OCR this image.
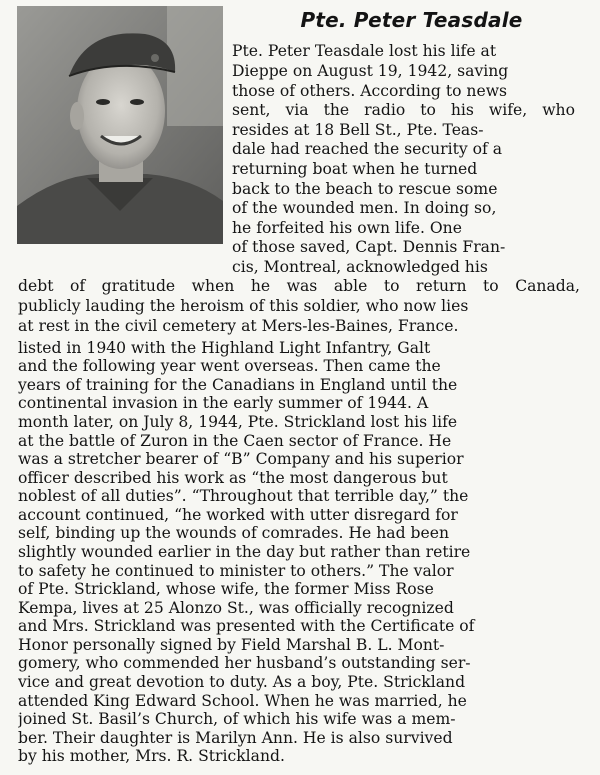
Pte. Peter Teasdale

Pte. Peter Teasdale lost his life at

Dieppe on August 19, 1942, saving

those of others. According to news

sent, via the radio to his wife, who

resides at 18 Bell St., Pte. Teas-

dale had reached the security of a

returning boat when he turned

back to the beach to rescue some

of the wounded men. In doing so,

he forfeited his own life. One

of those saved, Capt. Dennis Fran-

cis, Montreal, acknowledged his

debt of gratitude when he was able to return to Canada,

publicly lauding the heroism of this soldier, who now lies

at rest in the civil cemetery at Mers-les-Baines, France.

listed in 1940 with the Highland Light Infantry, Galt

and the following year went overseas. Then came the

years of training for the Canadians in England until the

continental invasion in the early summer of 1944. A

month later, on July 8, 1944, Pte. Strickland lost his life

at the battle of Zuron in the Caen sector of France. He

was a stretcher bearer of “B” Company and his superior

officer described his work as “the most dangerous but

noblest of all duties”. “Throughout that terrible day,” the

account continued, “he worked with utter disregard for

self, binding up the wounds of comrades. He had been

slightly wounded earlier in the day but rather than retire

to safety he continued to minister to others.” The valor

of Pte. Strickland, whose wife, the former Miss Rose

Kempa, lives at 25 Alonzo St., was officially recognized

and Mrs. Strickland was presented with the Certificate of

Honor personally signed by Field Marshal B. L. Mont-

gomery, who commended her husband’s outstanding ser-

vice and great devotion to duty. As a boy, Pte. Strickland

attended King Edward School. When he was married, he

joined St. Basil’s Church, of which his wife was a mem-

ber. Their daughter is Marilyn Ann. He is also survived

by his mother, Mrs. R. Strickland.
